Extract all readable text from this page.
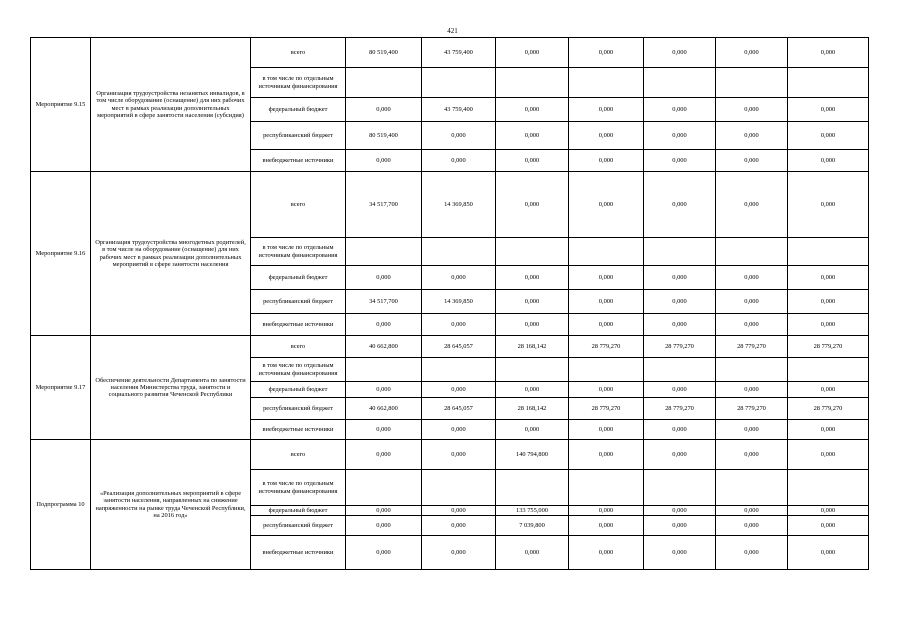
421
Мероприятие 9.15	Организация трудоустройства незанятых инвалидов, в том числе оборудование (оснащение) для них рабочих мест в рамках реализации дополнительных мероприятий в сфере занятости населения (субсидия)	всего	80 519,400	43 759,400	0,000	0,000	0,000	0,000	0,000
		в том числе по отдельным источникам финансирования							
		федеральный бюджет	0,000	43 759,400	0,000	0,000	0,000	0,000	0,000
		республиканский бюджет	80 519,400	0,000	0,000	0,000	0,000	0,000	0,000
		внебюджетные источники	0,000	0,000	0,000	0,000	0,000	0,000	0,000
Мероприятие 9.16	Организация трудоустройства многодетных родителей, в том числе на оборудование (оснащение) для них рабочих мест в рамках реализации дополнительных мероприятий в сфере занятости населения	всего	34 517,700	14 369,850	0,000	0,000	0,000	0,000	0,000
		в том числе по отдельным источникам финансирования							
		федеральный бюджет	0,000	0,000	0,000	0,000	0,000	0,000	0,000
		республиканский бюджет	34 517,700	14 369,850	0,000	0,000	0,000	0,000	0,000
		внебюджетные источники	0,000	0,000	0,000	0,000	0,000	0,000	0,000
Мероприятие 9.17	Обеспечение деятельности Департамента по занятости населения Министерства труда, занятости и социального развития Чеченской Республики	всего	40 662,800	28 645,057	28 168,142	28 779,270	28 779,270	28 779,270	28 779,270
		в том числе по отдельным источникам финансирования							
		федеральный бюджет	0,000	0,000	0,000	0,000	0,000	0,000	0,000
		республиканский бюджет	40 662,800	28 645,057	28 168,142	28 779,270	28 779,270	28 779,270	28 779,270
		внебюджетные источники	0,000	0,000	0,000	0,000	0,000	0,000	0,000
Подпрограмма 10	«Реализация дополнительных мероприятий в сфере занятости населения, направленных на снижение напряженности на рынке труда Чеченской Республики, на 2016 год»	всего	0,000	0,000	140 794,800	0,000	0,000	0,000	0,000
		в том числе по отдельным источникам финансирования							
		федеральный бюджет	0,000	0,000	133 755,000	0,000	0,000	0,000	0,000
		республиканский бюджет	0,000	0,000	7 039,800	0,000	0,000	0,000	0,000
		внебюджетные источники	0,000	0,000	0,000	0,000	0,000	0,000	0,000
